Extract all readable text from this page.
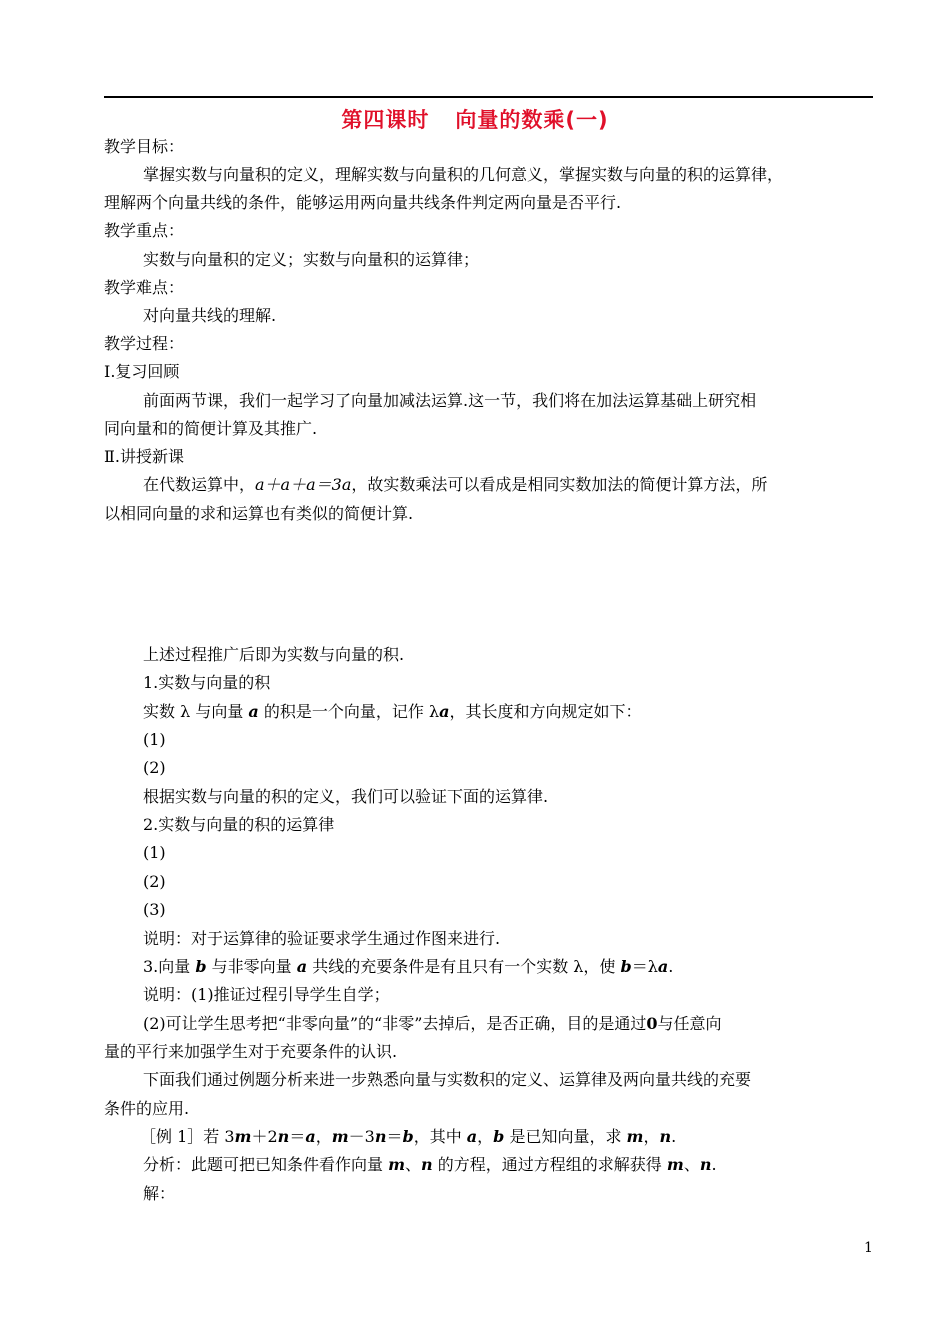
第四课时 向量的数乘(一)
教学目标：
掌握实数与向量积的定义，理解实数与向量积的几何意义，掌握实数与向量的积的运算律，
理解两个向量共线的条件，能够运用两向量共线条件判定两向量是否平行.
教学重点：
实数与向量积的定义；实数与向量积的运算律；
教学难点：
对向量共线的理解.
教学过程：
Ⅰ.复习回顾
前面两节课，我们一起学习了向量加减法运算.这一节，我们将在加法运算基础上研究相
同向量和的简便计算及其推广.
Ⅱ.讲授新课
在代数运算中，a＋a＋a＝3a，故实数乘法可以看成是相同实数加法的简便计算方法，所
以相同向量的求和运算也有类似的简便计算.
上述过程推广后即为实数与向量的积.
1.实数与向量的积
实数 λ 与向量 a 的积是一个向量，记作 λa，其长度和方向规定如下：
(1)
(2)
根据实数与向量的积的定义，我们可以验证下面的运算律.
2.实数与向量的积的运算律
(1)
(2)
(3)
说明：对于运算律的验证要求学生通过作图来进行.
3.向量 b 与非零向量 a 共线的充要条件是有且只有一个实数 λ，使 b＝λa.
说明：(1)推证过程引导学生自学；
(2)可让学生思考把“非零向量”的“非零”去掉后，是否正确，目的是通过0与任意向
量的平行来加强学生对于充要条件的认识.
下面我们通过例题分析来进一步熟悉向量与实数积的定义、运算律及两向量共线的充要
条件的应用.
［例 1］若 3m＋2n＝a，m－3n＝b，其中 a，b 是已知向量，求 m，n.
分析：此题可把已知条件看作向量 m、n 的方程，通过方程组的求解获得 m、n.
解：
1
